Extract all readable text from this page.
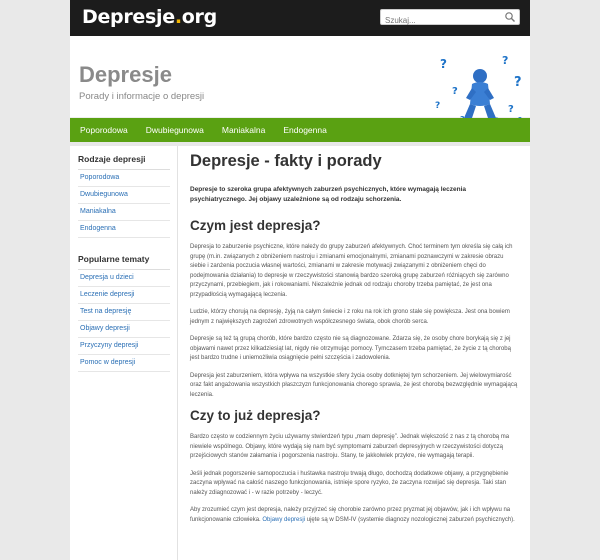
Depresje.org
Szukaj...
Depresje
Porady i informacje o depresji
?
?
?
?
?
?
Poporodowa	Dwubiegunowa	Maniakalna	Endogenna
Rodzaje depresji
Poporodowa
Dwubiegunowa
Maniakalna
Endogenna
Popularne tematy
Depresja u dzieci
Leczenie depresji
Test na depresję
Objawy depresji
Przyczyny depresji
Pomoc w depresji
Depresje - fakty i porady
Depresje to szeroka grupa afektywnych zaburzeń psychicznych, które wymagają leczenia psychiatrycznego. Jej objawy uzależnione są od rodzaju schorzenia.
Czym jest depresja?

Depresja to zaburzenie psychiczne, które należy do grupy zaburzeń afektywnych. Choć terminem tym określa się całą ich grupę (m.in. związanych z obniżeniem nastroju i zmianami emocjonalnymi, zmianami poznawczymi w zakresie obrazu siebie i zanżenia poczucia własnej wartości, zmianami w zakresie motywacji związanymi z obniżeniem chęci do podejmowania działania) to depresje w rzeczywistości stanowią bardzo szeroką grupę zaburzeń różniących się zarówno przyczynami, przebiegiem, jak i rokowaniami. Niezależnie jednak od rodzaju choroby trzeba pamiętać, że jest ona przypadłością wymagającą leczenia.

Ludzie, którzy chorują na depresję, żyją na całym świecie i z roku na rok ich grono stale się powiększa. Jest ona bowiem jednym z największych zagrożeń zdrowotnych współczesnego świata, obok chorób serca.

Depresje są też tą grupą chorób, które bardzo często nie są diagnozowane. Zdarza się, że osoby chore borykają się z jej objawami nawet przez kilkadziesiąt lat, nigdy nie otrzymując pomocy. Tymczasem trzeba pamiętać, że życie z tą chorobą jest bardzo trudne i uniemożliwia osiągnięcie pełni szczęścia i zadowolenia.

Depresja jest zaburzeniem, która wpływa na wszystkie sfery życia osoby dotkniętej tym schorzeniem. Jej wielowymiarość oraz fakt angażowania wszystkich płaszczyzn funkcjonowania chorego sprawia, że jest chorobą bezwzględnie wymagającą leczenia.

Czy to już depresja?

Bardzo często w codziennym życiu używamy stwierdzeń typu „mam depresję”. Jednak większość z nas z tą chorobą ma niewiele wspólnego. Objawy, które wydają się nam być symptomami zaburzeń depresyjnych w rzeczywistości dotyczą przejściowych stanów załamania i pogorszenia nastroju. Stany, te jakkolwiek przykre, nie wymagają terapii.

Jeśli jednak pogorszenie samopoczucia i huśtawka nastroju trwają długo, dochodzą dodatkowe objawy, a przygnębienie zaczyna wpływać na całość naszego funkcjonowania, istnieje spore ryzyko, że zaczyna rozwijać się depresja. Taki stan należy zdiagnozować i - w razie potrzeby - leczyć.

Aby zrozumieć czym jest depresja, należy przyjrzeć się chorobie zarówno przez pryzmat jej objawów, jak i ich wpływu na funkcjonowanie człowieka. Objawy depresji ujęte są w DSM-IV (systemie diagnozy nozologicznej zaburzeń psychicznych).
